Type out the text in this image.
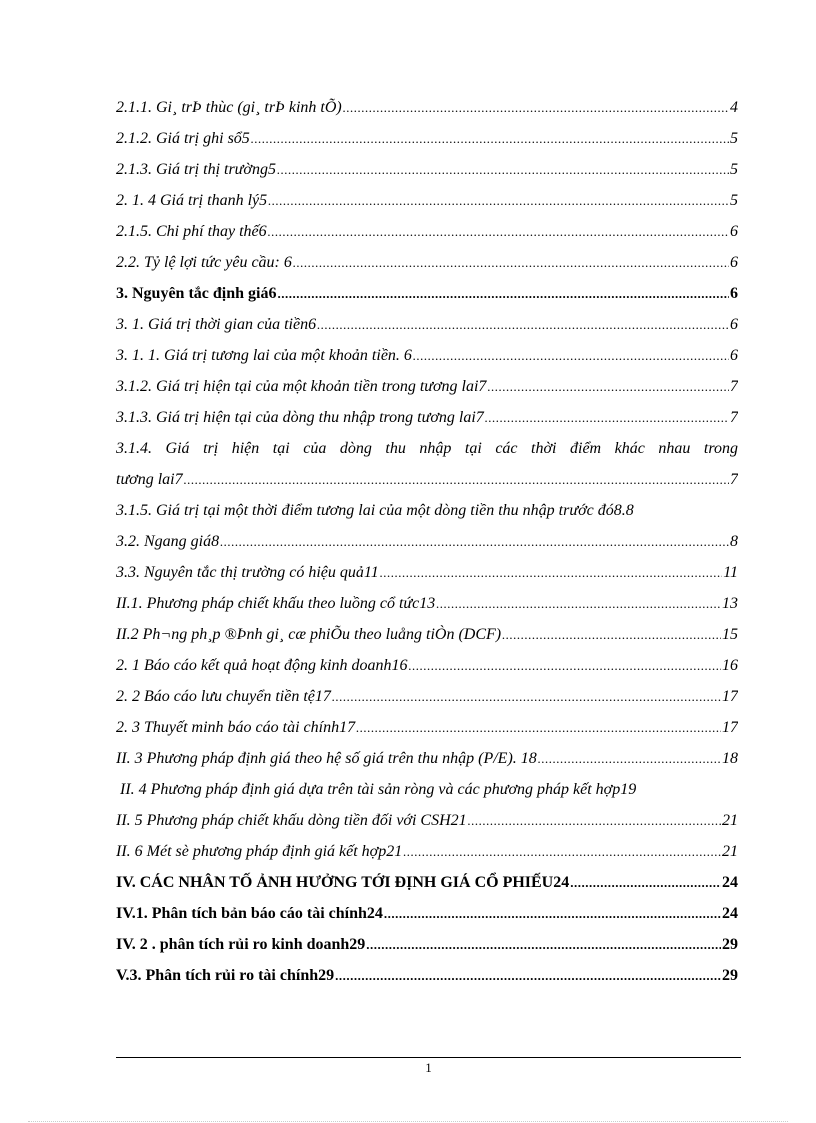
2.1.1. Gi¸ trÞ thùc (gi¸ trÞ kinh tÕ) .....	4
2.1.2. Giá trị ghi sổ5 .....	5
2.1.3. Giá trị thị trường5 .....	5
2. 1. 4 Giá trị thanh lý5 .....	5
2.1.5. Chi phí thay thế6 .....	6
2.2. Tỷ lệ lợi tức yêu cầu: 6 .....	6
3. Nguyên tắc định giá6 .....	6
3. 1. Giá trị thời gian của tiền6 .....	6
3. 1. 1. Giá trị tương lai của một khoản tiền. 6 .....	6
3.1.2. Giá trị hiện tại của một khoản tiền trong tương lai7 .....	7
3.1.3. Giá trị hiện tại của dòng thu nhập trong tương lai7 .....	7
3.1.4. Giá trị hiện tại của dòng thu nhập tại các thời điểm khác nhau trong
tương lai7 .....	7
3.1.5. Giá trị tại một thời điểm tương lai của một dòng tiền thu nhập trước đó8 .8
3.2. Ngang giá8 .....	8
3.3. Nguyên tắc thị trường có hiệu quả11 .....	11
II.1. Phương pháp chiết khấu theo luồng cổ tức13 .....	13
II.2 Ph¬ng ph¸p ®Þnh gi¸ cæ phiÕu theo luång tiÒn (DCF) .....	15
2. 1 Báo cáo kết quả hoạt động kinh doanh16 .....	16
2. 2 Báo cáo lưu chuyển tiền tệ17 .....	17
2. 3 Thuyết minh báo cáo tài chính17 .....	17
II. 3 Phương pháp định giá theo hệ số giá trên thu nhập (P/E). 18 .....	18
II. 4 Phương pháp định giá dựa trên tài sản ròng và các phương pháp kết hợp19
II. 5 Phương pháp chiết khấu dòng tiền đối với CSH21 .....	21
II. 6 Mét sè phương pháp định giá kết hợp21 .....	21
IV. CÁC NHÂN TỐ ẢNH HƯỞNG TỚI ĐỊNH GIÁ CỔ PHIẾU24 .....	24
IV.1. Phân tích bản báo cáo tài chính24 .....	24
IV. 2 . phân tích rủi ro kinh doanh29 .....	29
V.3. Phân tích rủi ro tài chính29 .....	29
1
